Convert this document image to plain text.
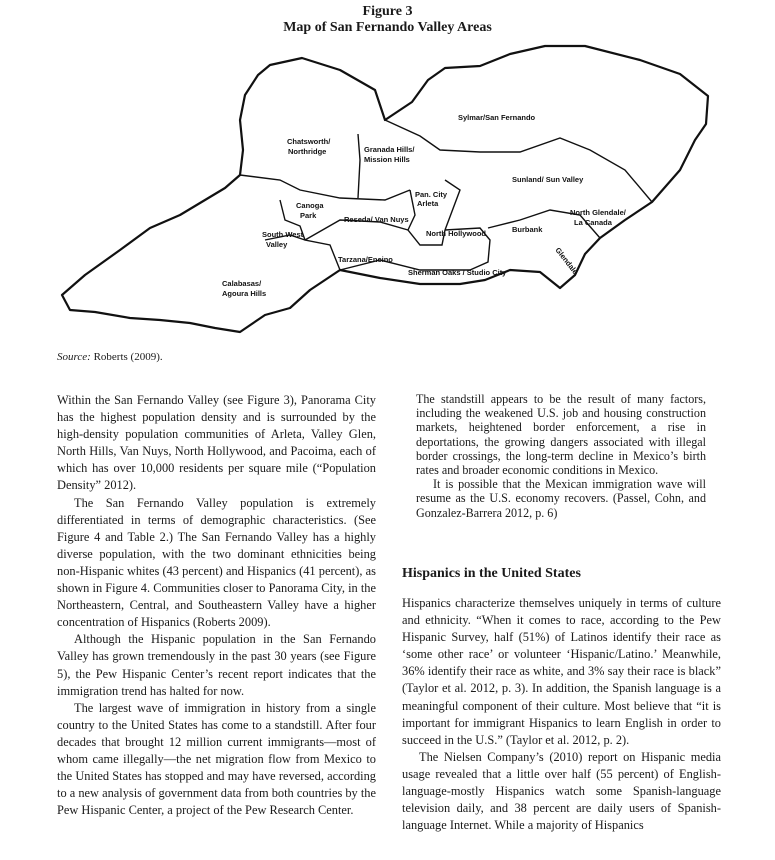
Figure 3
Map of San Fernando Valley Areas
Sylmar/San Fernando
Chatsworth/
Northridge	Granada Hills/
Mission Hills
Sunland/ Sun Valley
Pan. City
Arleta
Canoga
Park	Reseda/ Van Nuys
North Glendale/
La Canada
Burbank
North Hollywood
South West
Valley
Tarzana/Encino
Sherman Oaks / Studio City	Glendale
Calabasas/
Agoura Hills
Source: Roberts (2009).

Within the San Fernando Valley (see Figure 3), Panorama City has the highest population density and is surrounded by the high-density population communities of Arleta, Valley Glen, North Hills, Van Nuys, North Hollywood, and Pacoima, each of which has over 10,000 residents per square mile (“Population Density” 2012).

The San Fernando Valley population is extremely differentiated in terms of demographic characteristics. (See Figure 4 and Table 2.) The San Fernando Valley has a highly diverse population, with the two dominant ethnicities being non-Hispanic whites (43 percent) and Hispanics (41 percent), as shown in Figure 4. Communities closer to Panorama City, in the Northeastern, Central, and Southeastern Valley have a higher concentration of Hispanics (Roberts 2009).

Although the Hispanic population in the San Fernando Valley has grown tremendously in the past 30 years (see Figure 5), the Pew Hispanic Center’s recent report indicates that the immigration trend has halted for now.

The largest wave of immigration in history from a single country to the United States has come to a standstill. After four decades that brought 12 million current immigrants—most of whom came illegally—the net migration flow from Mexico to the United States has stopped and may have reversed, according to a new analysis of government data from both countries by the Pew Hispanic Center, a project of the Pew Research Center.

The standstill appears to be the result of many factors, including the weakened U.S. job and housing construction markets, heightened border enforcement, a rise in deportations, the growing dangers associated with illegal border crossings, the long-term decline in Mexico’s birth rates and broader economic conditions in Mexico.

It is possible that the Mexican immigration wave will resume as the U.S. economy recovers. (Passel, Cohn, and Gonzalez-Barrera 2012, p. 6)

Hispanics in the United States

Hispanics characterize themselves uniquely in terms of culture and ethnicity. “When it comes to race, according to the Pew Hispanic Survey, half (51%) of Latinos identify their race as ‘some other race’ or volunteer ‘Hispanic/Latino.’ Meanwhile, 36% identify their race as white, and 3% say their race is black” (Taylor et al. 2012, p. 3). In addition, the Spanish language is a meaningful component of their culture. Most believe that “it is important for immigrant Hispanics to learn English in order to succeed in the U.S.” (Taylor et al. 2012, p. 2).

The Nielsen Company’s (2010) report on Hispanic media usage revealed that a little over half (55 percent) of English-language-mostly Hispanics watch some Spanish-language television daily, and 38 percent are daily users of Spanish-language Internet. While a majority of Hispanics
